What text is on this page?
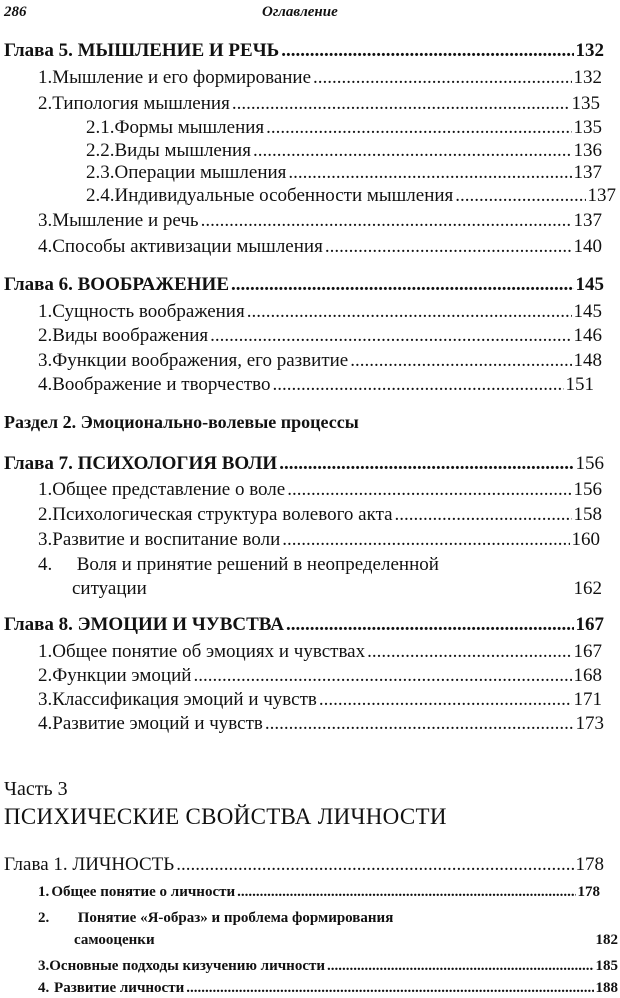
286	Оглавление
Глава 5. МЫШЛЕНИЕ И РЕЧЬ .....	132
1. Мышление и его формирование .....	132
2. Типология мышления .....	135
2.1. Формы мышления .....	135
2.2. Виды мышления .....	136
2.3. Операции мышления .....	137
2.4. Индивидуальные особенности мышления .....	137
3. Мышление и речь .....	137
4. Способы активизации мышления .....	140
Глава 6. ВООБРАЖЕНИЕ .....	145
1. Сущность воображения .....	145
2. Виды воображения .....	146
3. Функции воображения, его развитие .....	148
4. Воображение и творчество .....	151
Раздел 2. Эмоционально-волевые процессы
Глава 7. ПСИХОЛОГИЯ ВОЛИ .....	156
1. Общее представление о воле .....	156
2. Психологическая структура волевого акта .....	158
3. Развитие и воспитание воли .....	160
4. Воля и принятие решений в неопределенной
ситуации	162
Глава 8. ЭМОЦИИ И ЧУВСТВА .....	167
1. Общее понятие об эмоциях и чувствах .....	167
2. Функции эмоций .....	168
3. Классификация эмоций и чувств .....	171
4. Развитие эмоций и чувств .....	173
Часть 3
ПСИХИЧЕСКИЕ СВОЙСТВА ЛИЧНОСТИ
Глава 1. ЛИЧНОСТЬ .....	178
1. Общее понятие о личности .....	178
2. Понятие «Я-образ» и проблема формирования
самооценки	182
3. Основные подходы кизучению личности .....	185
4. Развитие личности .....	188
